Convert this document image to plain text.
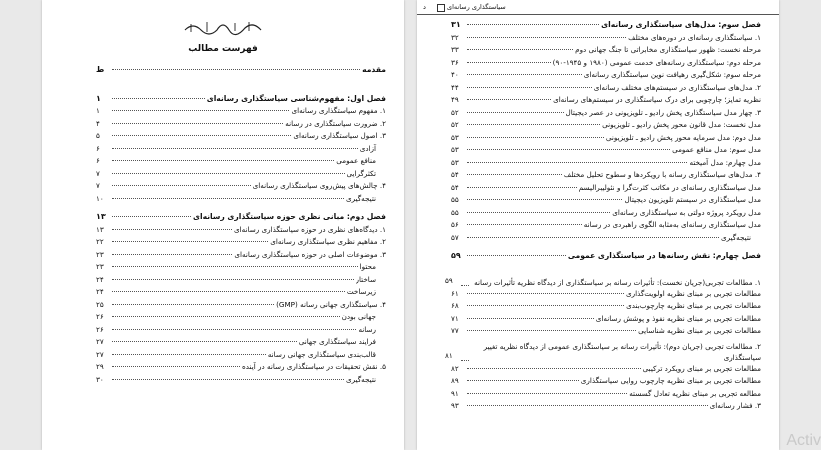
فهرست مطالب
مقدمه
ط
فصل اول: مفهوم‌شناسی سیاستگذاری رسانه‌ای
۱
۱. مفهوم سیاستگذاری رسانه‌ای
۱
۲. ضرورت سیاستگذاری در رسانه
۴
۳. اصول سیاستگذاری رسانه‌ای
۵
آزادی
۶
منافع عمومی
۶
تکثرگرایی
۷
۴. چالش‌های پیش‌روی سیاستگذاری رسانه‌ای
۷
نتیجه‌گیری
۱۰
فصل دوم: مبانی نظری حوزه سیاستگذاری رسانه‌ای
۱۳
۱. دیدگاه‌های نظری در حوزه سیاستگذاری رسانه‌ای
۱۳
۲. مفاهیم نظری سیاستگذاری رسانه‌ای
۲۲
۳. موضوعات اصلی در حوزه سیاستگذاری رسانه‌ای
۲۳
محتوا
۲۳
ساختار
۲۴
زیرساخت
۲۴
۴. سیاستگذاری جهانی رسانه (GMP)
۲۵
جهانی بودن
۲۶
رسانه
۲۶
فرایند سیاستگذاری جهانی
۲۷
قالب‌بندی سیاستگذاری جهانی رسانه
۲۷
۵. نقش تحقیقات در سیاستگذاری رسانه در آینده
۲۹
نتیجه‌گیری
۳۰
د	سیاستگذاری رسانه‌ای
فصل سوم: مدل‌های سیاستگذاری رسانه‌ای
۳۱
۱. سیاستگذاری رسانه‌ای در دوره‌های مختلف
۳۲
مرحله نخست: ظهور سیاستگذاری مخابراتی تا جنگ جهانی دوم
۳۳
مرحله دوم: سیاستگذاری رسانه‌های خدمت عمومی (۱۹۸۰ و ۱۹۴۵-۹۰)
۳۶
مرحله سوم: شکل‌گیری رهیافت نوین سیاستگذاری رسانه‌ای
۴۰
۲. مدل‌های سیاستگذاری در سیستم‌های مختلف رسانه‌ای
۴۴
نظریه تمایز؛ چارچوبی برای درک سیاستگذاری در سیستم‌های رسانه‌ای
۴۹
۳. چهار مدل سیاستگذاری پخش رادیو ـ تلویزیونی در عصر دیجیتال
۵۲
مدل نخست: مدل قانون محور پخش رادیو ـ تلویزیونی
۵۲
مدل دوم: مدل سرمایه محور پخش رادیو ـ تلویزیونی
۵۳
مدل سوم: مدل منافع عمومی
۵۳
مدل چهارم: مدل آمیخته
۵۳
۴. مدل‌های سیاستگذاری رسانه با رویکردها و سطوح تحلیل مختلف
۵۴
مدل سیاستگذاری رسانه‌ای در مکاتب کثرت‌گرا و نئولیبرالیسم
۵۴
مدل سیاستگذاری در سیستم تلویزیون دیجیتال
۵۵
مدل رویکرد پروژه دولتی به سیاستگذاری رسانه‌ای
۵۵
مدل سیاستگذاری رسانه‌ای به‌مثابه الگوی راهبردی در رسانه
۵۶
نتیجه‌گیری
۵۷
فصل چهارم: نقش رسانه‌ها در سیاستگذاری عمومی
۵۹
۱. مطالعات تجربی(جریان نخست): تأثیرات رسانه بر سیاستگذاری از دیدگاه نظریه تأثیرات رسانه
۵۹
مطالعات تجربی بر مبنای نظریه اولویت‌گذاری
۶۱
مطالعات تجربی بر مبنای نظریه چارچوب‌بندی
۶۸
مطالعات تجربی بر مبنای نظریه نفوذ و پوشش رسانه‌ای
۷۱
مطالعات تجربی بر مبنای نظریه شناسایی
۷۷
۲. مطالعات تجربی (جریان دوم): تأثیرات رسانه بر سیاستگذاری عمومی از دیدگاه نظریه تغییر سیاستگذاری
۸۱
مطالعات تجربی بر مبنای رویکرد ترکیبی
۸۲
مطالعات تجربی بر مبنای نظریه چارچوب روایی سیاستگذاری
۸۹
مطالعه تجربی بر مبنای نظریه تعادل گسسته
۹۱
۳. فشار رسانه‌ای
۹۳
Activ
